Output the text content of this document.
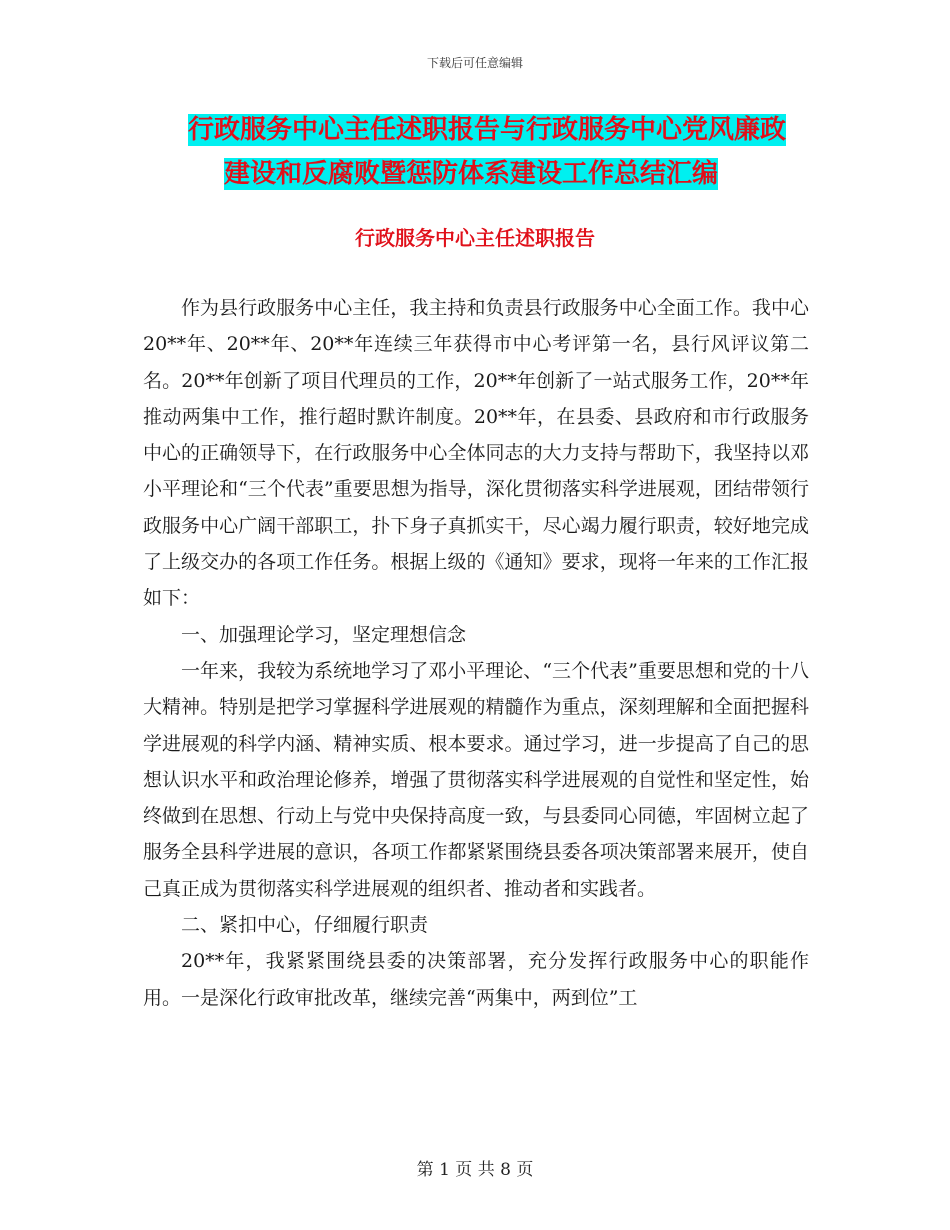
下载后可任意编辑
行政服务中心主任述职报告与行政服务中心党风廉政
建设和反腐败暨惩防体系建设工作总结汇编
行政服务中心主任述职报告

作为县行政服务中心主任，我主持和负责县行政服务中心全面工作。我中心20**年、20**年、20**年连续三年获得市中心考评第一名，县行风评议第二名。20**年创新了项目代理员的工作，20**年创新了一站式服务工作，20**年推动两集中工作，推行超时默许制度。20**年，在县委、县政府和市行政服务中心的正确领导下，在行政服务中心全体同志的大力支持与帮助下，我坚持以邓小平理论和“三个代表”重要思想为指导，深化贯彻落实科学进展观，团结带领行政服务中心广阔干部职工，扑下身子真抓实干，尽心竭力履行职责，较好地完成了上级交办的各项工作任务。根据上级的《通知》要求，现将一年来的工作汇报如下：

一、加强理论学习，坚定理想信念

一年来，我较为系统地学习了邓小平理论、“三个代表”重要思想和党的十八大精神。特别是把学习掌握科学进展观的精髓作为重点，深刻理解和全面把握科学进展观的科学内涵、精神实质、根本要求。通过学习，进一步提高了自己的思想认识水平和政治理论修养，增强了贯彻落实科学进展观的自觉性和坚定性，始终做到在思想、行动上与党中央保持高度一致，与县委同心同德，牢固树立起了服务全县科学进展的意识，各项工作都紧紧围绕县委各项决策部署来展开，使自己真正成为贯彻落实科学进展观的组织者、推动者和实践者。

二、紧扣中心，仔细履行职责

20**年，我紧紧围绕县委的决策部署，充分发挥行政服务中心的职能作用。一是深化行政审批改革，继续完善“两集中，两到位”工

第 1 页 共 8 页
